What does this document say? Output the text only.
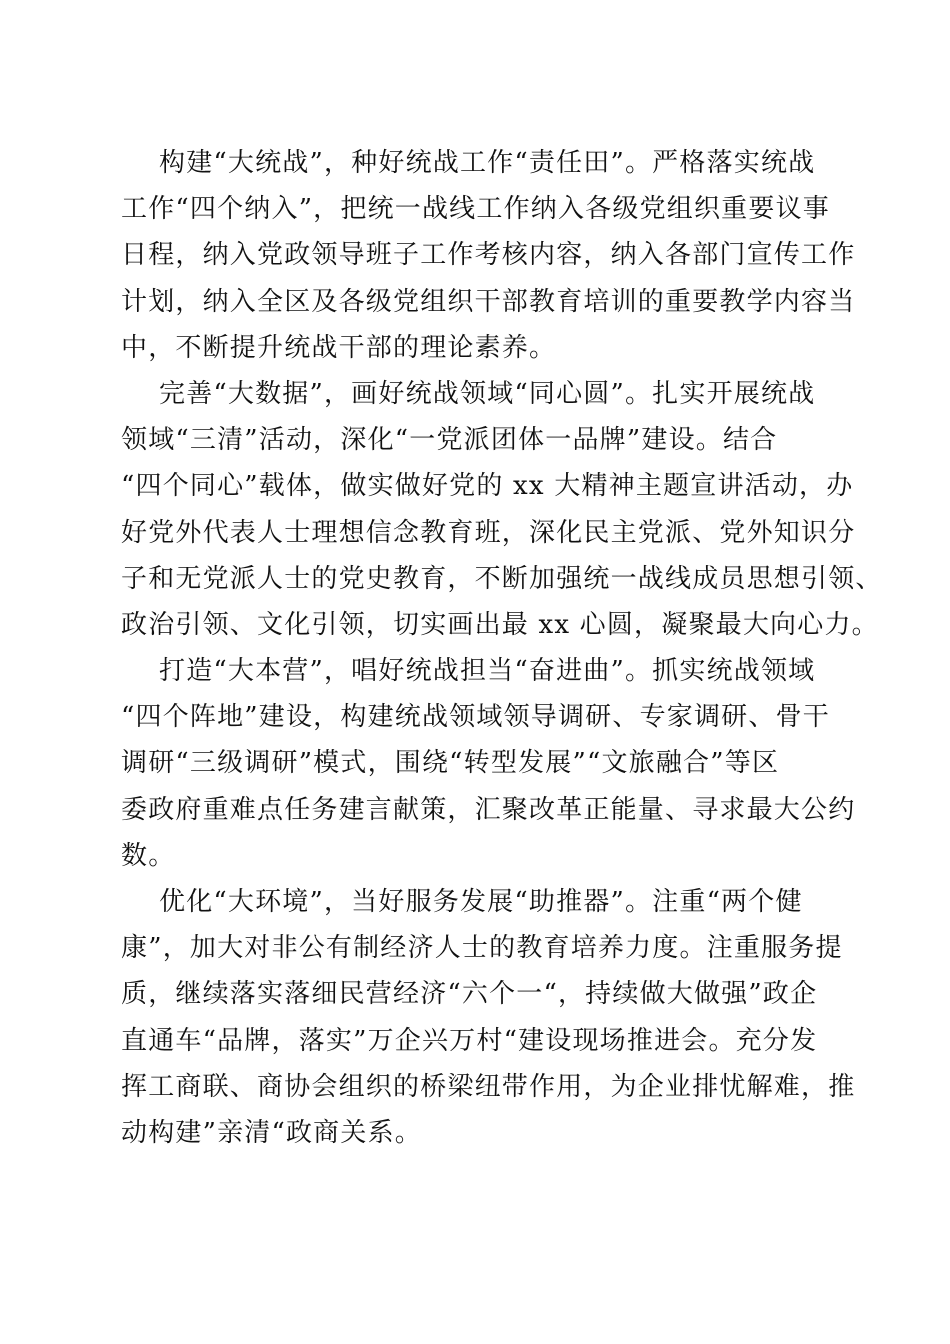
构建“大统战”，种好统战工作“责任田”。严格落实统战
工作“四个纳入”，把统一战线工作纳入各级党组织重要议事
日程，纳入党政领导班子工作考核内容，纳入各部门宣传工作
计划，纳入全区及各级党组织干部教育培训的重要教学内容当
中，不断提升统战干部的理论素养。
完善“大数据”，画好统战领域“同心圆”。扎实开展统战
领域“三清”活动，深化“一党派团体一品牌”建设。结合
“四个同心”载体，做实做好党的 xx 大精神主题宣讲活动，办
好党外代表人士理想信念教育班，深化民主党派、党外知识分
子和无党派人士的党史教育，不断加强统一战线成员思想引领、
政治引领、文化引领，切实画出最 xx 心圆，凝聚最大向心力。
打造“大本营”，唱好统战担当“奋进曲”。抓实统战领域
“四个阵地”建设，构建统战领域领导调研、专家调研、骨干
调研“三级调研”模式，围绕“转型发展”“文旅融合”等区
委政府重难点任务建言献策，汇聚改革正能量、寻求最大公约
数。
优化“大环境”，当好服务发展“助推器”。注重“两个健
康”，加大对非公有制经济人士的教育培养力度。注重服务提
质，继续落实落细民营经济“六个一“，持续做大做强”政企
直通车“品牌，落实”万企兴万村“建设现场推进会。充分发
挥工商联、商协会组织的桥梁纽带作用，为企业排忧解难，推
动构建”亲清“政商关系。
